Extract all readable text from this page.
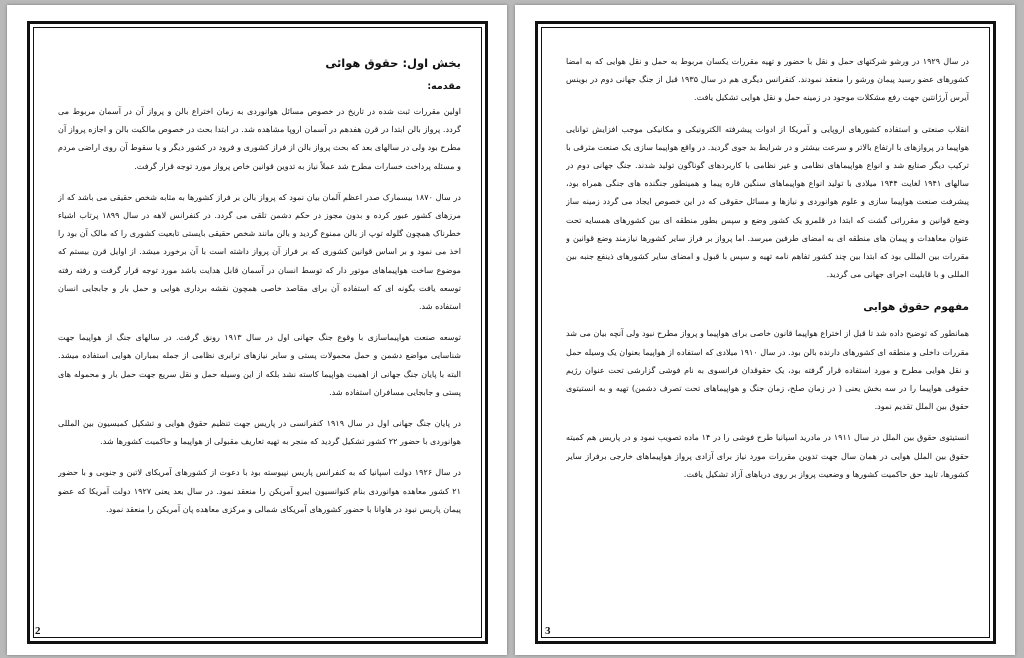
بخش اول: حقوق هوائی
مقدمه:

اولین مقررات ثبت شده در تاریخ در خصوص مسائل هوانوردی به زمان اختراع بالن و پرواز آن در آسمان مربوط می گردد. پرواز بالن ابتدا در قرن هفدهم در آسمان اروپا مشاهده شد. در ابتدا بحث در خصوص مالکیت بالن و اجازه پرواز آن مطرح بود ولی در سالهای بعد که بحث پرواز بالن از فراز کشوری و فرود در کشور دیگر و یا سقوط آن روی اراضی مردم و مسئله پرداخت خسارات مطرح شد عملاً نیاز به تدوین قوانین خاص پرواز مورد توجه قرار گرفت.

در سال ۱۸۷۰ بیسمارک صدر اعظم آلمان بیان نمود که پرواز بالن بر فراز کشورها به مثابه شخص حقیقی می باشد که از مرزهای کشور عبور کرده و بدون مجوز در حکم دشمن تلقی می گردد. در کنفرانس لاهه در سال ۱۸۹۹ پرتاب اشیاء خطرناک همچون گلوله توپ از بالن ممنوع گردید و بالن مانند شخص حقیقی بایستی تابعیت کشوری را که مالک آن بود را اخذ می نمود و بر اساس قوانین کشوری که بر فراز آن پرواز داشته است با آن برخورد میشد. از اوایل قرن بیستم که موضوع ساخت هواپیماهای موتور دار که توسط انسان در آسمان قابل هدایت باشد مورد توجه قرار گرفت و رفته رفته توسعه یافت بگونه ای که استفاده آن برای مقاصد خاصی همچون نقشه برداری هوایی و حمل بار و جابجایی انسان استفاده شد.

توسعه صنعت هواپیماسازی با وقوع جنگ جهانی اول در سال ۱۹۱۳ رونق گرفت. در سالهای جنگ از هواپیما جهت شناسایی مواضع دشمن و حمل محمولات پستی و سایر نیازهای ترابری نظامی از جمله بمباران هوایی استفاده میشد. البته با پایان جنگ جهانی از اهمیت هواپیما کاسته نشد بلکه از این وسیله حمل و نقل سریع جهت حمل بار و محموله های پستی و جابجایی مسافران استفاده شد.

در پایان جنگ جهانی اول در سال ۱۹۱۹ کنفرانسی در پاریس جهت تنظیم حقوق هوایی و تشکیل کمیسیون بین المللی هوانوردی با حضور ۲۲ کشور تشکیل گردید که منجر به تهیه تعاریف مقبولی از هواپیما و حاکمیت کشورها شد.

در سال ۱۹۲۶ دولت اسپانیا که به کنفرانس پاریس نپیوسته بود با دعوت از کشورهای آمریکای لاتین و جنوبی و با حضور ۲۱ کشور معاهده هوانوردی بنام کنوانسیون ایبرو آمریکن را منعقد نمود. در سال بعد یعنی ۱۹۲۷ دولت آمریکا که عضو پیمان پاریس نبود در هاوانا با حضور کشورهای آمریکای شمالی و مرکزی معاهده پان آمریکن را منعقد نمود.

2

در سال ۱۹۲۹ در ورشو شرکتهای حمل و نقل با حضور و تهیه مقررات یکسان مربوط به حمل و نقل هوایی که به امضا کشورهای عضو رسید پیمان ورشو را منعقد نمودند. کنفرانس دیگری هم در سال ۱۹۳۵ قبل از جنگ جهانی دوم در بوینس آیرس آرژانتین جهت رفع مشکلات موجود در زمینه حمل و نقل هوایی تشکیل یافت.

انقلاب صنعتی و استفاده کشورهای اروپایی و آمریکا از ادوات پیشرفته الکترونیکی و مکانیکی موجب افزایش توانایی هواپیما در پروازهای با ارتفاع بالاتر و سرعت بیشتر و در شرایط بد جوی گردید. در واقع هواپیما سازی یک صنعت مترقی با ترکیب دیگر صنایع شد و انواع هواپیماهای نظامی و غیر نظامی با کاربردهای گوناگون تولید شدند. جنگ جهانی دوم در سالهای ۱۹۴۱ لغایت ۱۹۴۴ میلادی با تولید انواع هواپیماهای سنگین قاره پیما و همینطور جنگنده های جنگی همراه بود، پیشرفت صنعت هواپیما سازی و علوم هوانوردی و نیازها و مسائل حقوقی که در این خصوص ایجاد می گردد زمینه ساز وضع قوانین و مقرراتی گشت که ابتدا در قلمرو یک کشور وضع و سپس بطور منطقه ای بین کشورهای همسایه تحت عنوان معاهدات و پیمان های منطقه ای به امضای طرفین میرسد. اما پرواز بر فراز سایر کشورها نیازمند وضع قوانین و مقررات بین المللی بود که ابتدا بین چند کشور تفاهم نامه تهیه و سپس با قبول و امضای سایر کشورهای ذینفع جنبه بین المللی و با قابلیت اجرای جهانی می گردید.

مفهوم حقوق هوایی

همانطور که توضیح داده شد تا قبل از اختراع هواپیما قانون خاصی برای هواپیما و پرواز مطرح نبود ولی آنچه بیان می شد مقررات داخلی و منطقه ای کشورهای دارنده بالن بود. در سال ۱۹۱۰ میلادی که استفاده از هواپیما بعنوان یک وسیله حمل و نقل هوایی مطرح و مورد استفاده قرار گرفته بود، یک حقوقدان فرانسوی به نام فوشی گزارشی تحت عنوان رژیم حقوقی هواپیما را در سه بخش یعنی ( در زمان صلح، زمان جنگ و هواپیماهای تحت تصرف دشمن) تهیه و به انستیتوی حقوق بین الملل تقدیم نمود.

انستیتوی حقوق بین الملل در سال ۱۹۱۱ در مادرید اسپانیا طرح فوشی را در ۱۴ ماده تصویب نمود و در پاریس هم کمیته حقوق بین الملل هوایی در همان سال جهت تدوین مقررات مورد نیاز برای آزادی پرواز هواپیماهای خارجی برفراز سایر کشورها، تایید حق حاکمیت کشورها و وضعیت پرواز بر روی دریاهای آزاد تشکیل یافت.

3
